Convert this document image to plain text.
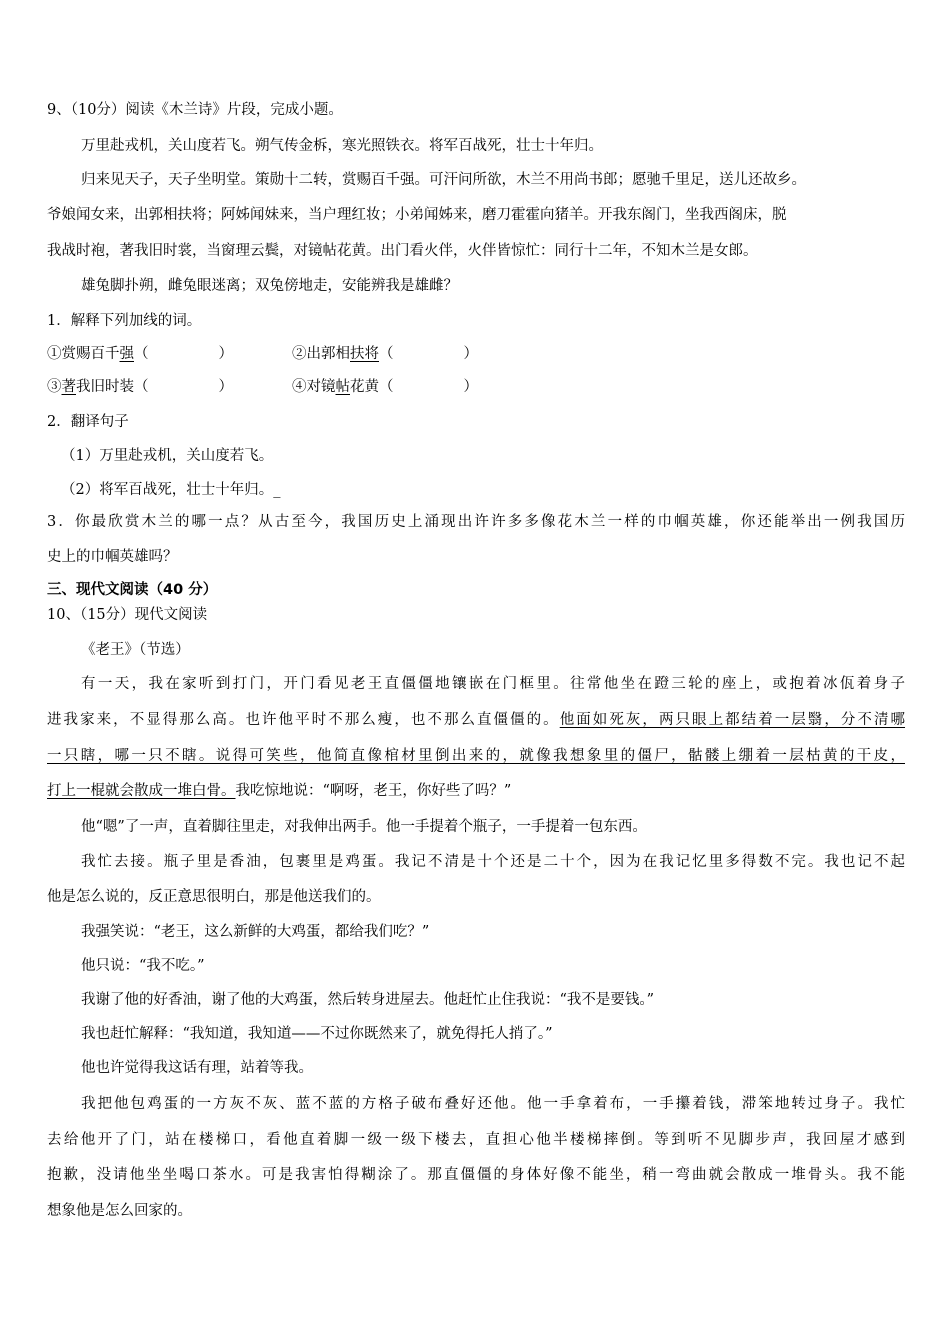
9、（10分）阅读《木兰诗》片段，完成小题。
万里赴戎机，关山度若飞。朔气传金柝，寒光照铁衣。将军百战死，壮士十年归。
归来见天子，天子坐明堂。策勋十二转，赏赐百千强。可汗问所欲，木兰不用尚书郎；愿驰千里足，送儿还故乡。
爷娘闻女来，出郭相扶将；阿姊闻妹来，当户理红妆；小弟闻姊来，磨刀霍霍向猪羊。开我东阁门，坐我西阁床，脱
我战时袍，著我旧时裳，当窗理云鬓，对镜帖花黄。出门看火伴，火伴皆惊忙：同行十二年，不知木兰是女郎。
雄兔脚扑朔，雌兔眼迷离；双兔傍地走，安能辨我是雄雌？
1．解释下列加线的词。
①赏赐百千强（	）	②出郭相扶将（	）
③著我旧时装（	）	④对镜帖花黄（	）
2．翻译句子
（1）万里赴戎机，关山度若飞。
（2）将军百战死，壮士十年归。_
3．你最欣赏木兰的哪一点？从古至今，我国历史上涌现出许许多多像花木兰一样的巾帼英雄，你还能举出一例我国历
史上的巾帼英雄吗？
三、现代文阅读（40 分）
10、（15分）现代文阅读
《老王》（节选）
有一天，我在家听到打门，开门看见老王直僵僵地镶嵌在门框里。往常他坐在蹬三轮的座上，或抱着冰佤着身子
进我家来，不显得那么高。也许他平时不那么瘦，也不那么直僵僵的。他面如死灰，两只眼上都结着一层翳，分不清哪
一只瞎，哪一只不瞎。说得可笑些，他简直像棺材里倒出来的，就像我想象里的僵尸，骷髅上绷着一层枯黄的干皮，
打上一棍就会散成一堆白骨。我吃惊地说：“啊呀，老王，你好些了吗？”
他“嗯”了一声，直着脚往里走，对我伸出两手。他一手提着个瓶子，一手提着一包东西。
我忙去接。瓶子里是香油，包裹里是鸡蛋。我记不清是十个还是二十个，因为在我记忆里多得数不完。我也记不起
他是怎么说的，反正意思很明白，那是他送我们的。
我强笑说：“老王，这么新鲜的大鸡蛋，都给我们吃？”
他只说：“我不吃。”
我谢了他的好香油，谢了他的大鸡蛋，然后转身进屋去。他赶忙止住我说：“我不是要钱。”
我也赶忙解释：“我知道，我知道——不过你既然来了，就免得托人捎了。”
他也许觉得我这话有理，站着等我。
我把他包鸡蛋的一方灰不灰、蓝不蓝的方格子破布叠好还他。他一手拿着布，一手攥着钱，滞笨地转过身子。我忙
去给他开了门，站在楼梯口，看他直着脚一级一级下楼去，直担心他半楼梯摔倒。等到听不见脚步声，我回屋才感到
抱歉，没请他坐坐喝口茶水。可是我害怕得糊涂了。那直僵僵的身体好像不能坐，稍一弯曲就会散成一堆骨头。我不能
想象他是怎么回家的。
